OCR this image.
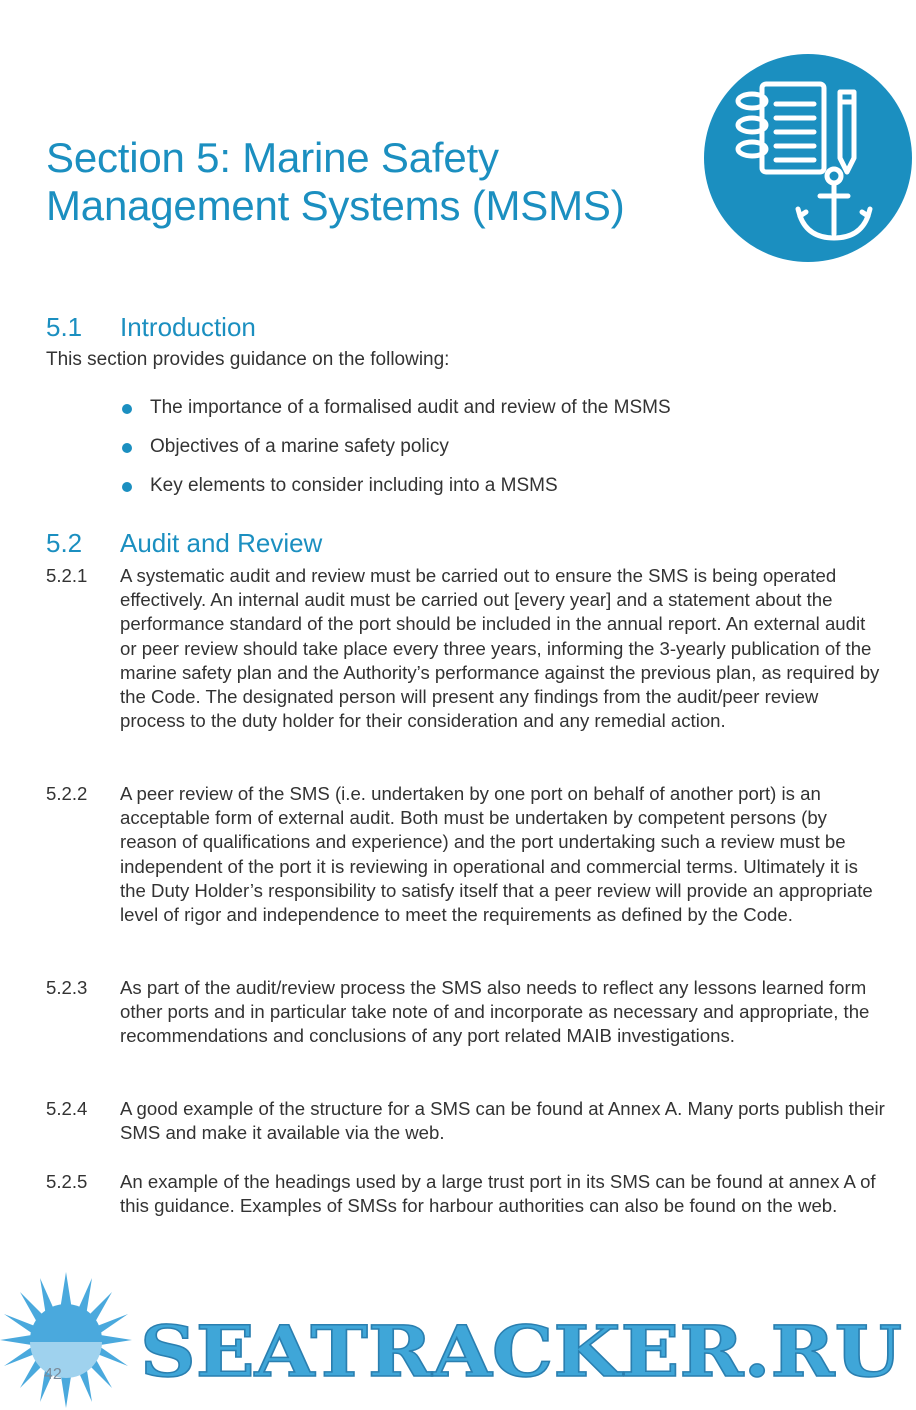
Section 5: Marine Safety
Management Systems (MSMS)
5.1 Introduction
This section provides guidance on the following:
The importance of a formalised audit and review of the MSMS
Objectives of a marine safety policy
Key elements to consider including into a MSMS
5.2 Audit and Review
5.2.1 A systematic audit and review must be carried out to ensure the SMS is being operated effectively. An internal audit must be carried out [every year] and a statement about the performance standard of the port should be included in the annual report. An external audit or peer review should take place every three years, informing the 3-yearly publication of the marine safety plan and the Authority’s performance against the previous plan, as required by the Code. The designated person will present any findings from the audit/peer review process to the duty holder for their consideration and any remedial action.
5.2.2 A peer review of the SMS (i.e. undertaken by one port on behalf of another port) is an acceptable form of external audit. Both must be undertaken by competent persons (by reason of qualifications and experience) and the port undertaking such a review must be independent of the port it is reviewing in operational and commercial terms. Ultimately it is the Duty Holder’s responsibility to satisfy itself that a peer review will provide an appropriate level of rigor and independence to meet the requirements as defined by the Code.
5.2.3 As part of the audit/review process the SMS also needs to reflect any lessons learned form other ports and in particular take note of and incorporate as necessary and appropriate, the recommendations and conclusions of any port related MAIB investigations.
5.2.4 A good example of the structure for a SMS can be found at Annex A. Many ports publish their SMS and make it available via the web.
5.2.5 An example of the headings used by a large trust port in its SMS can be found at annex A of this guidance. Examples of SMSs for harbour authorities can also be found on the web.
SEATRACKER.RU
42
